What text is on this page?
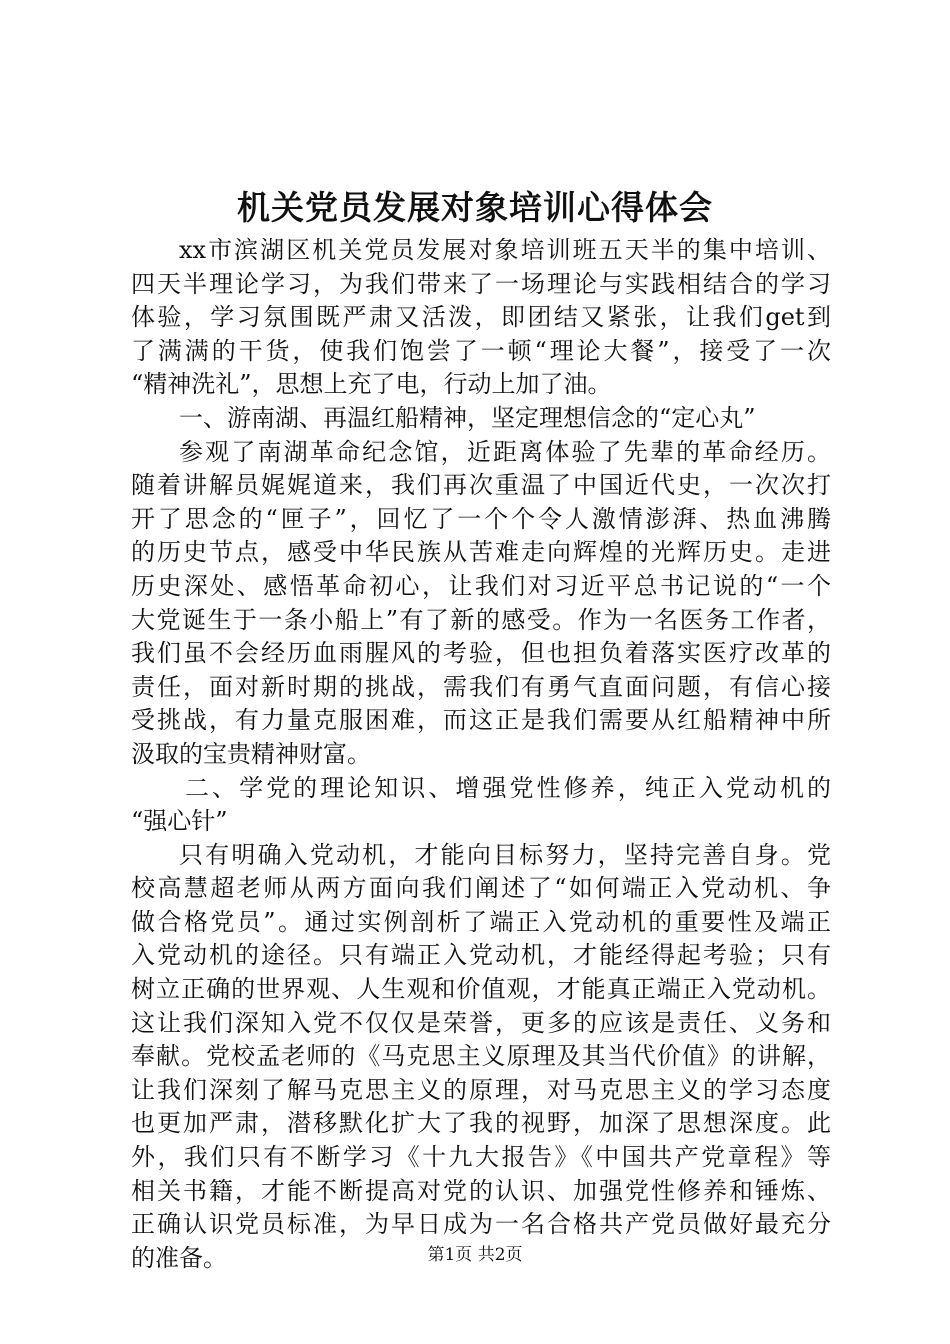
机关党员发展对象培训心得体会
xx市滨湖区机关党员发展对象培训班五天半的集中培训、
四天半理论学习，为我们带来了一场理论与实践相结合的学习
体验，学习氛围既严肃又活泼，即团结又紧张，让我们get到
了满满的干货，使我们饱尝了一顿“理论大餐”，接受了一次
“精神洗礼”，思想上充了电，行动上加了油。
一、游南湖、再温红船精神，坚定理想信念的“定心丸”
参观了南湖革命纪念馆，近距离体验了先辈的革命经历。
随着讲解员娓娓道来，我们再次重温了中国近代史，一次次打
开了思念的“匣子”，回忆了一个个令人激情澎湃、热血沸腾
的历史节点，感受中华民族从苦难走向辉煌的光辉历史。走进
历史深处、感悟革命初心，让我们对习近平总书记说的“一个
大党诞生于一条小船上”有了新的感受。作为一名医务工作者，
我们虽不会经历血雨腥风的考验，但也担负着落实医疗改革的
责任，面对新时期的挑战，需我们有勇气直面问题，有信心接
受挑战，有力量克服困难，而这正是我们需要从红船精神中所
汲取的宝贵精神财富。
二、学党的理论知识、增强党性修养，纯正入党动机的
“强心针”
只有明确入党动机，才能向目标努力，坚持完善自身。党
校高慧超老师从两方面向我们阐述了“如何端正入党动机、争
做合格党员”。通过实例剖析了端正入党动机的重要性及端正
入党动机的途径。只有端正入党动机，才能经得起考验；只有
树立正确的世界观、人生观和价值观，才能真正端正入党动机。
这让我们深知入党不仅仅是荣誉，更多的应该是责任、义务和
奉献。党校孟老师的《马克思主义原理及其当代价值》的讲解，
让我们深刻了解马克思主义的原理，对马克思主义的学习态度
也更加严肃，潜移默化扩大了我的视野，加深了思想深度。此
外，我们只有不断学习《十九大报告》《中国共产党章程》等
相关书籍，才能不断提高对党的认识、加强党性修养和锤炼、
正确认识党员标准，为早日成为一名合格共产党员做好最充分
的准备。	第1页 共2页
